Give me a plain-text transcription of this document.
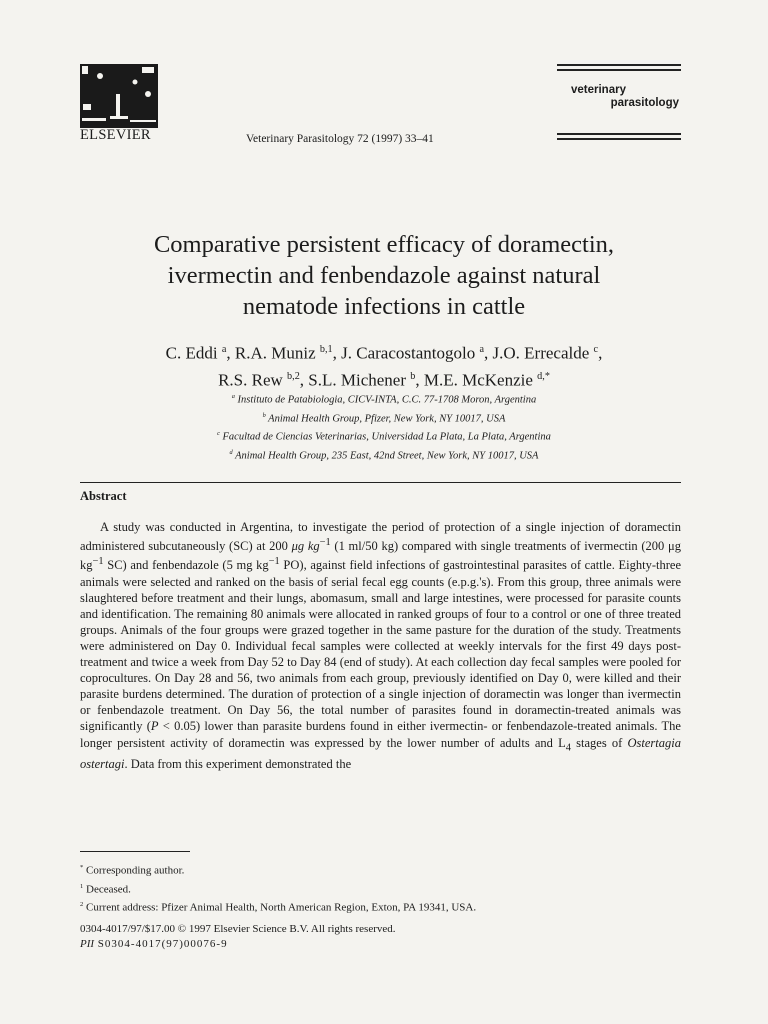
ELSEVIER	Veterinary Parasitology 72 (1997) 33–41
veterinary
parasitology
Comparative persistent efficacy of doramectin,
ivermectin and fenbendazole against natural
nematode infections in cattle
C. Eddi $^a$, R.A. Muniz $^{b,1}$, J. Caracostantogolo $^a$, J.O. Errecalde $^c$,
R.S. Rew $^{b,2}$, S.L. Michener $^b$, M.E. McKenzie $^{d,*}$
$^a$ Instituto de Patabiologia, CICV-INTA, C.C. 77-1708 Moron, Argentina
$^b$ Animal Health Group, Pfizer, New York, NY 10017, USA
$^c$ Facultad de Ciencias Veterinarias, Universidad La Plata, La Plata, Argentina
$^d$ Animal Health Group, 235 East, 42nd Street, New York, NY 10017, USA
Abstract
A study was conducted in Argentina, to investigate the period of protection of a single injection of doramectin administered subcutaneously (SC) at 200 μg $kg^{-1}$ (1 ml/50 kg) compared with single treatments of ivermectin (200 μg $kg^{-1}$ SC) and fenbendazole (5 mg $kg^{-1}$ PO), against field infections of gastrointestinal parasites of cattle. Eighty-three animals were selected and ranked on the basis of serial fecal egg counts (e.p.g.'s). From this group, three animals were slaughtered before treatment and their lungs, abomasum, small and large intestines, were processed for parasite counts and identification. The remaining 80 animals were allocated in ranked groups of four to a control or one of three treated groups. Animals of the four groups were grazed together in the same pasture for the duration of the study. Treatments were administered on Day 0. Individual fecal samples were collected at weekly intervals for the first 49 days post-treatment and twice a week from Day 52 to Day 84 (end of study). At each collection day fecal samples were pooled for coprocultures. On Day 28 and 56, two animals from each group, previously identified on Day 0, were killed and their parasite burdens determined. The duration of protection of a single injection of doramectin was longer than ivermectin or fenbendazole treatment. On Day 56, the total number of parasites found in doramectin-treated animals was significantly (P < 0.05) lower than parasite burdens found in either ivermectin- or fenbendazole-treated animals. The longer persistent activity of doramectin was expressed by the lower number of adults and $L_4$ stages of Ostertagia ostertagi. Data from this experiment demonstrated the
* Corresponding author.
$^1$ Deceased.
$^2$ Current address: Pfizer Animal Health, North American Region, Exton, PA 19341, USA.
0304-4017/97/$17.00 © 1997 Elsevier Science B.V. All rights reserved.
PII S0304-4017(97)00076-9
